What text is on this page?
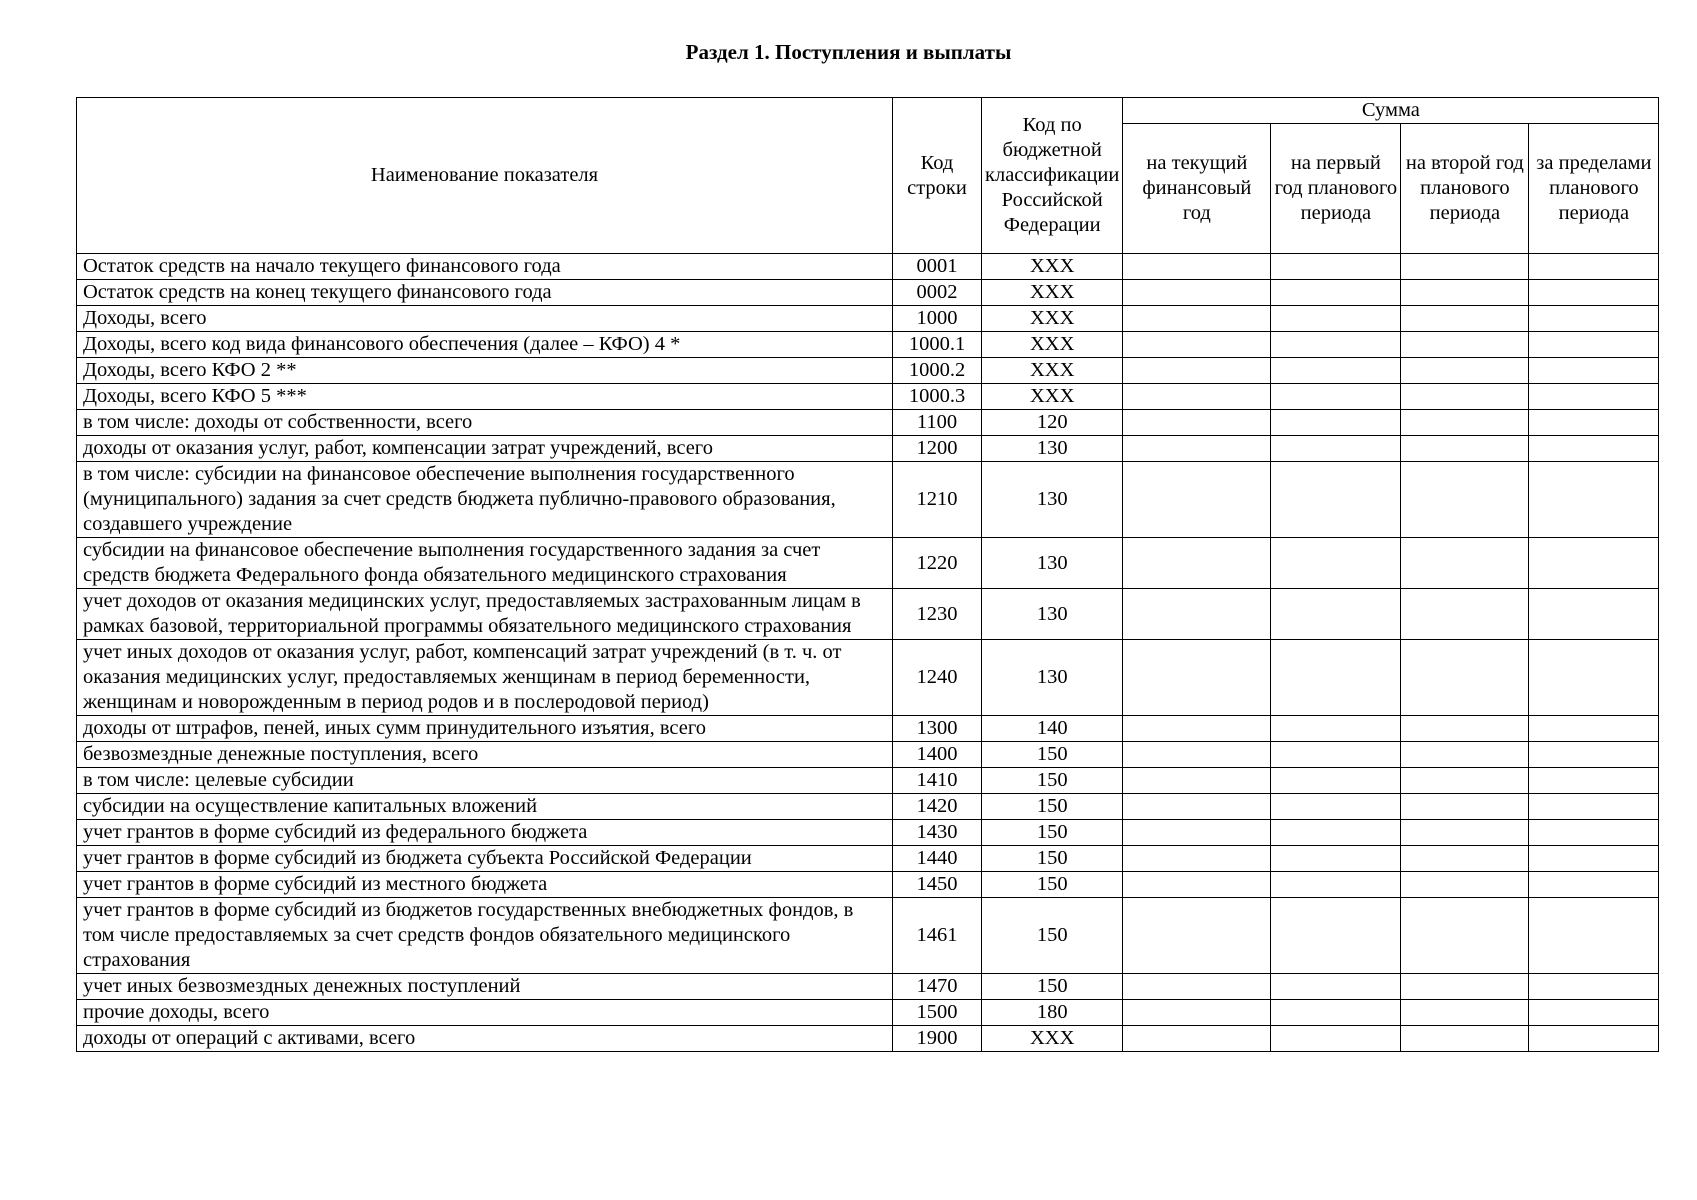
Раздел 1. Поступления и выплаты
Наименование показателя	Код строки	Код по бюджетной классификации Российской Федерации	Сумма			
			на текущий финансовый год	на первый год планового периода	на второй год планового периода	за пределами планового периода
Остаток средств на начало текущего финансового года	0001	ХХХ				
Остаток средств на конец текущего финансового года	0002	ХХХ				
Доходы, всего	1000	ХХХ				
Доходы, всего код вида финансового обеспечения (далее – КФО) 4 *	1000.1	ХХХ				
Доходы, всего КФО 2 **	1000.2	ХХХ				
Доходы, всего КФО 5 ***	1000.3	ХХХ				
в том числе: доходы от собственности, всего	1100	120				
доходы от оказания услуг, работ, компенсации затрат учреждений, всего	1200	130				
в том числе: субсидии на финансовое обеспечение выполнения государственного (муниципального) задания за счет средств бюджета публично-правового образования, создавшего учреждение	1210	130				
субсидии на финансовое обеспечение выполнения государственного задания за счет средств бюджета Федерального фонда обязательного медицинского страхования	1220	130				
учет доходов от оказания медицинских услуг, предоставляемых застрахованным лицам в рамках базовой, территориальной программы обязательного медицинского страхования	1230	130				
учет иных доходов от оказания услуг, работ, компенсаций затрат учреждений (в т. ч. от оказания медицинских услуг, предоставляемых женщинам в период беременности, женщинам и новорожденным в период родов и в послеродовой период)	1240	130				
доходы от штрафов, пеней, иных сумм принудительного изъятия, всего	1300	140				
безвозмездные денежные поступления, всего	1400	150				
в том числе: целевые субсидии	1410	150				
субсидии на осуществление капитальных вложений	1420	150				
учет грантов в форме субсидий из федерального бюджета	1430	150				
учет грантов в форме субсидий из бюджета субъекта Российской Федерации	1440	150				
учет грантов в форме субсидий из местного бюджета	1450	150				
учет грантов в форме субсидий из бюджетов государственных внебюджетных фондов, в том числе предоставляемых за счет средств фондов обязательного медицинского страхования	1461	150				
учет иных безвозмездных денежных поступлений	1470	150				
прочие доходы, всего	1500	180				
доходы от операций с активами, всего	1900	ХХХ				
